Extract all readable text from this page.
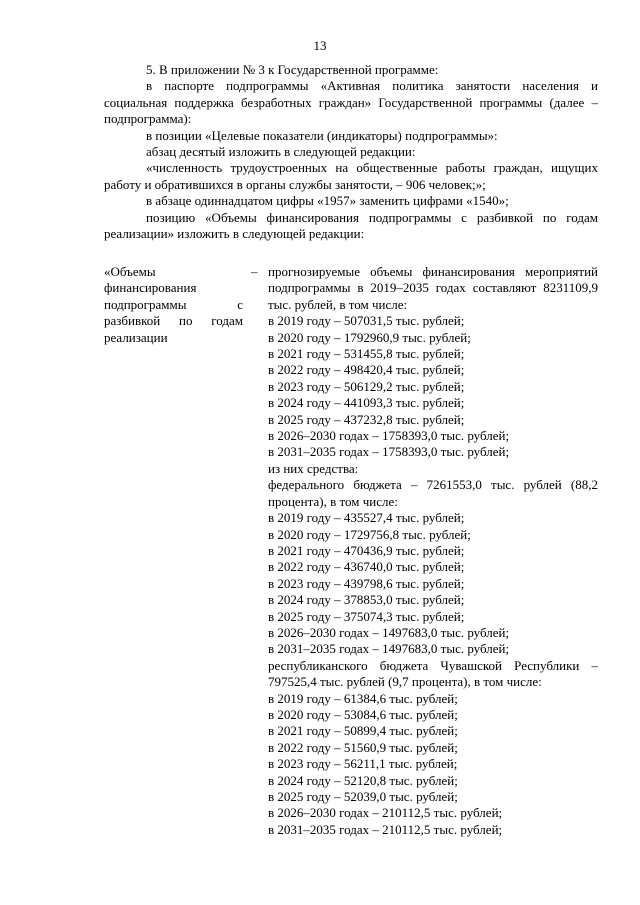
13

5. В приложении № 3 к Государственной программе:

в паспорте подпрограммы «Активная политика занятости населения и социальная поддержка безработных граждан» Государственной программы (далее – подпрограмма):

в позиции «Целевые показатели (индикаторы) подпрограммы»:

абзац десятый изложить в следующей редакции:

«численность трудоустроенных на общественные работы граждан, ищущих работу и обратившихся в органы службы занятости, – 906 человек;»;

в абзаце одиннадцатом цифры «1957» заменить цифрами «1540»;

позицию «Объемы финансирования подпрограммы с разбивкой по годам реализации» изложить в следующей редакции:

«Объемы финансирования подпрограммы с разбивкой по годам реализации
– прогнозируемые объемы финансирования мероприятий подпрограммы в 2019–2035 годах составляют 8231109,9 тыс. рублей, в том числе:

в 2019 году – 507031,5 тыс. рублей;

в 2020 году – 1792960,9 тыс. рублей;

в 2021 году – 531455,8 тыс. рублей;

в 2022 году – 498420,4 тыс. рублей;

в 2023 году – 506129,2 тыс. рублей;

в 2024 году – 441093,3 тыс. рублей;

в 2025 году – 437232,8 тыс. рублей;

в 2026–2030 годах – 1758393,0 тыс. рублей;

в 2031–2035 годах – 1758393,0 тыс. рублей;

из них средства:

федерального бюджета – 7261553,0 тыс. рублей (88,2 процента), в том числе:

в 2019 году – 435527,4 тыс. рублей;

в 2020 году – 1729756,8 тыс. рублей;

в 2021 году – 470436,9 тыс. рублей;

в 2022 году – 436740,0 тыс. рублей;

в 2023 году – 439798,6 тыс. рублей;

в 2024 году – 378853,0 тыс. рублей;

в 2025 году – 375074,3 тыс. рублей;

в 2026–2030 годах – 1497683,0 тыс. рублей;

в 2031–2035 годах – 1497683,0 тыс. рублей;

республиканского бюджета Чувашской Республики – 797525,4 тыс. рублей (9,7 процента), в том числе:

в 2019 году – 61384,6 тыс. рублей;

в 2020 году – 53084,6 тыс. рублей;

в 2021 году – 50899,4 тыс. рублей;

в 2022 году – 51560,9 тыс. рублей;

в 2023 году – 56211,1 тыс. рублей;

в 2024 году – 52120,8 тыс. рублей;

в 2025 году – 52039,0 тыс. рублей;

в 2026–2030 годах – 210112,5 тыс. рублей;

в 2031–2035 годах – 210112,5 тыс. рублей;
